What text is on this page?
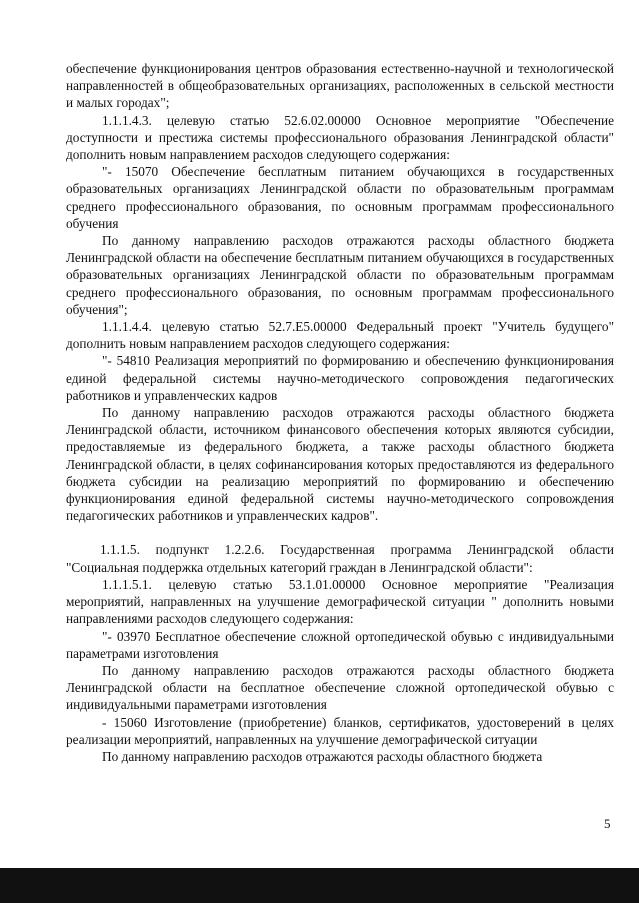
обеспечение функционирования центров образования естественно-научной и технологической направленностей в общеобразовательных организациях, расположенных в сельской местности и малых городах";

1.1.1.4.3. целевую статью 52.6.02.00000 Основное мероприятие "Обеспечение доступности и престижа системы профессионального образования Ленинградской области" дополнить новым направлением расходов следующего содержания:

"- 15070 Обеспечение бесплатным питанием обучающихся в государственных образовательных организациях Ленинградской области по образовательным программам среднего профессионального образования, по основным программам профессионального обучения

По данному направлению расходов отражаются расходы областного бюджета Ленинградской области на обеспечение бесплатным питанием обучающихся в государственных образовательных организациях Ленинградской области по образовательным программам среднего профессионального образования, по основным программам профессионального обучения";

1.1.1.4.4. целевую статью 52.7.Е5.00000 Федеральный проект "Учитель будущего" дополнить новым направлением расходов следующего содержания:

"- 54810 Реализация мероприятий по формированию и обеспечению функционирования единой федеральной системы научно-методического сопровождения педагогических работников и управленческих кадров

По данному направлению расходов отражаются расходы областного бюджета Ленинградской области, источником финансового обеспечения которых являются субсидии, предоставляемые из федерального бюджета, а также расходы областного бюджета Ленинградской области, в целях софинансирования которых предоставляются из федерального бюджета субсидии на реализацию мероприятий по формированию и обеспечению функционирования единой федеральной системы научно-методического сопровождения педагогических работников и управленческих кадров".

1.1.1.5. подпункт 1.2.2.6. Государственная программа Ленинградской области "Социальная поддержка отдельных категорий граждан в Ленинградской области":

1.1.1.5.1. целевую статью 53.1.01.00000 Основное мероприятие "Реализация мероприятий, направленных на улучшение демографической ситуации " дополнить новыми направлениями расходов следующего содержания:

"- 03970 Бесплатное обеспечение сложной ортопедической обувью с индивидуальными параметрами изготовления

По данному направлению расходов отражаются расходы областного бюджета Ленинградской области на бесплатное обеспечение сложной ортопедической обувью с индивидуальными параметрами изготовления

- 15060 Изготовление (приобретение) бланков, сертификатов, удостоверений в целях реализации мероприятий, направленных на улучшение демографической ситуации

По данному направлению расходов отражаются расходы областного бюджета

5
